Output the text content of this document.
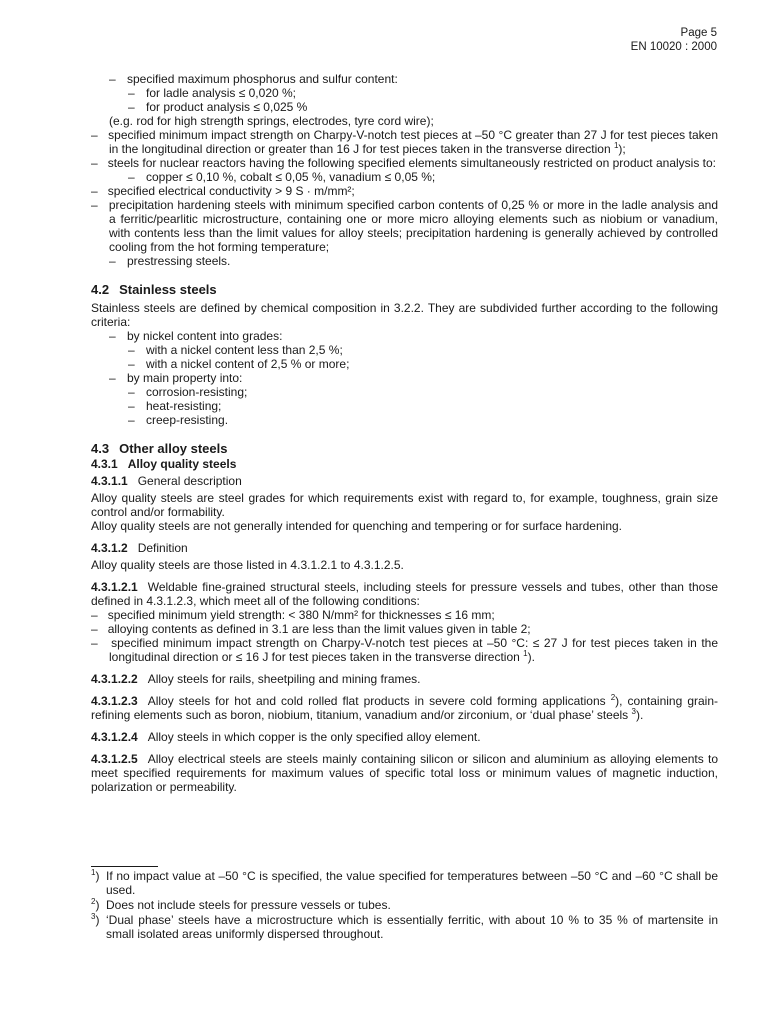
Page 5
EN 10020 : 2000

– specified maximum phosphorus and sulfur content:

– for ladle analysis ≤ 0,020 %;

– for product analysis ≤ 0,025 %

(e.g. rod for high strength springs, electrodes, tyre cord wire);

–   specified minimum impact strength on Charpy-V-notch test pieces at –50 °C greater than 27 J for test pieces taken in the longitudinal direction or greater than 16 J for test pieces taken in the transverse direction $^1$);

–   steels for nuclear reactors having the following specified elements simultaneously restricted on product analysis to:

– copper ≤ 0,10 %, cobalt ≤ 0,05 %, vanadium ≤ 0,05 %;

–   specified electrical conductivity > 9 S · m/mm²;

–   precipitation hardening steels with minimum specified carbon contents of 0,25 % or more in the ladle analysis and a ferritic/pearlitic microstructure, containing one or more micro alloying elements such as niobium or vanadium, with contents less than the limit values for alloy steels; precipitation hardening is generally achieved by controlled cooling from the hot forming temperature;

– prestressing steels.

4.2 Stainless steels

Stainless steels are defined by chemical composition in 3.2.2. They are subdivided further according to the following criteria:

– by nickel content into grades:

– with a nickel content less than 2,5 %;

– with a nickel content of 2,5 % or more;

– by main property into:

– corrosion-resisting;

– heat-resisting;

– creep-resisting.

4.3 Other alloy steels
4.3.1 Alloy quality steels

4.3.1.1 General description

Alloy quality steels are steel grades for which requirements exist with regard to, for example, toughness, grain size control and/or formability.

Alloy quality steels are not generally intended for quenching and tempering or for surface hardening.

4.3.1.2 Definition

Alloy quality steels are those listed in 4.3.1.2.1 to 4.3.1.2.5.

4.3.1.2.1 Weldable fine-grained structural steels, including steels for pressure vessels and tubes, other than those defined in 4.3.1.2.3, which meet all of the following conditions:

–   specified minimum yield strength: < 380 N/mm² for thicknesses ≤ 16 mm;

–   alloying contents as defined in 3.1 are less than the limit values given in table 2;

–   specified minimum impact strength on Charpy-V-notch test pieces at –50 °C: ≤ 27 J for test pieces taken in the longitudinal direction or ≤ 16 J for test pieces taken in the transverse direction $^1$).

4.3.1.2.2 Alloy steels for rails, sheetpiling and mining frames.

4.3.1.2.3 Alloy steels for hot and cold rolled flat products in severe cold forming applications $^2$), containing grain-refining elements such as boron, niobium, titanium, vanadium and/or zirconium, or ‘dual phase’ steels $^3$).

4.3.1.2.4 Alloy steels in which copper is the only specified alloy element.

4.3.1.2.5 Alloy electrical steels are steels mainly containing silicon or silicon and aluminium as alloying elements to meet specified requirements for maximum values of specific total loss or minimum values of magnetic induction, polarization or permeability.

$^1$) If no impact value at –50 °C is specified, the value specified for temperatures between –50 °C and –60 °C shall be used.
$^2$) Does not include steels for pressure vessels or tubes.
$^3$) ‘Dual phase’ steels have a microstructure which is essentially ferritic, with about 10 % to 35 % of martensite in small isolated areas uniformly dispersed throughout.
